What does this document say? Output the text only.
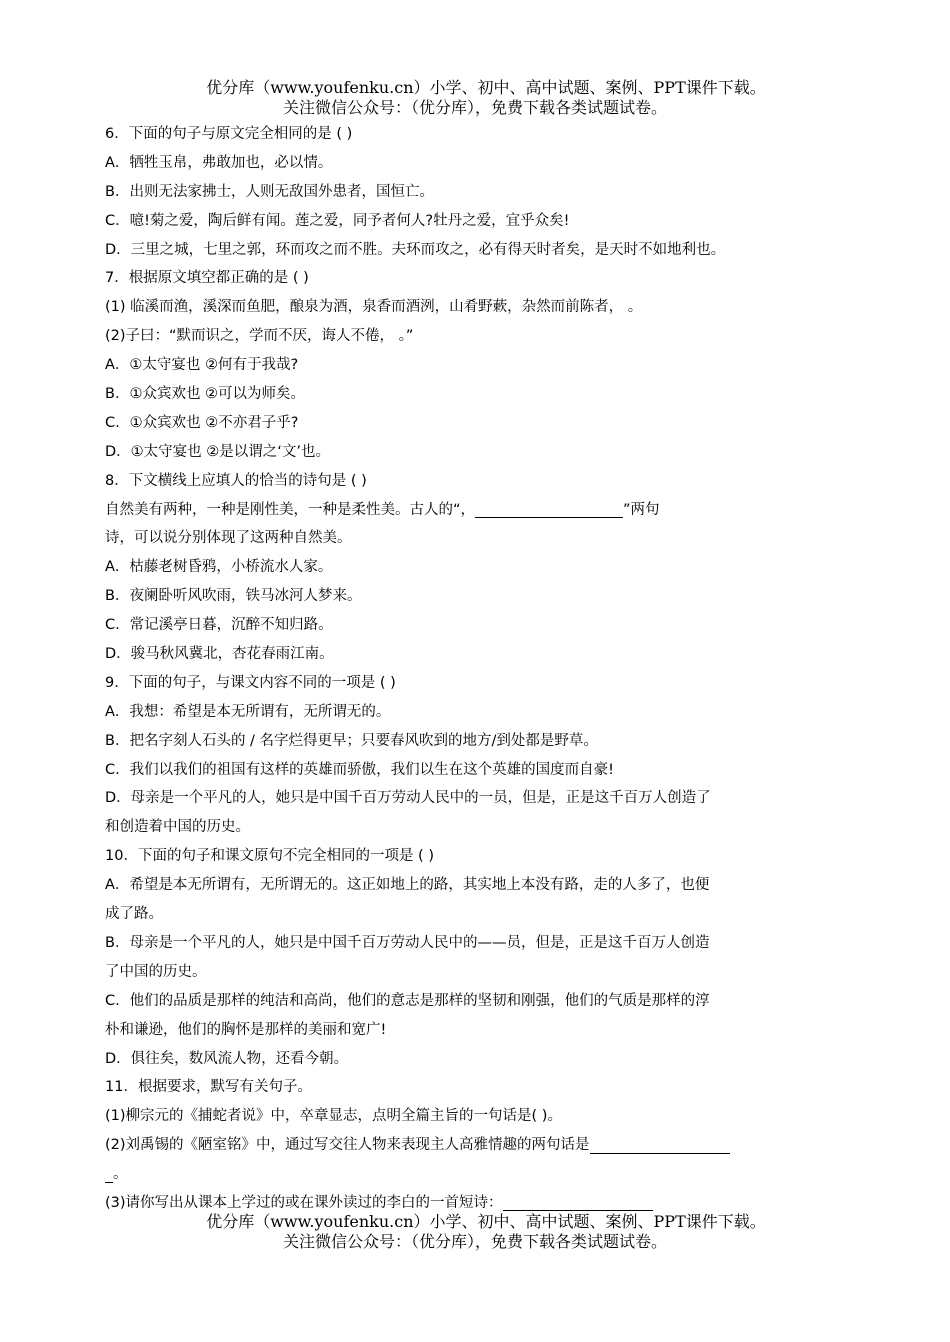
优分库（www.youfenku.cn）小学、初中、高中试题、案例、PPT课件下载。
关注微信公众号：（优分库），免费下载各类试题试卷。
6．下面的句子与原文完全相同的是 ( )
A．牺牲玉帛，弗敢加也，必以情。
B．出则无法家拂士，人则无敌国外患者，国恒亡。
C．噫!菊之爱，陶后鲜有闻。莲之爱，同予者何人?牡丹之爱，宜乎众矣!
D．三里之城，七里之郭，环而攻之而不胜。夫环而攻之，必有得天时者矣，是天时不如地利也。
7．根据原文填空都正确的是 ( )
(1) 临溪而渔，溪深而鱼肥，酿泉为酒，泉香而酒洌，山肴野蔌，杂然而前陈者， 。
(2)子曰：“默而识之，学而不厌，诲人不倦， 。”
A．①太守宴也 ②何有于我哉?
B．①众宾欢也 ②可以为师矣。
C．①众宾欢也 ②不亦君子乎?
D．①太守宴也 ②是以谓之‘文’也。
8．下文横线上应填人的恰当的诗句是 ( )
自然美有两种，一种是刚性美，一种是柔性美。古人的“，	”两句
诗，可以说分别体现了这两种自然美。
A．枯藤老树昏鸦，小桥流水人家。
B．夜阑卧听风吹雨，铁马冰河人梦来。
C．常记溪亭日暮，沉醉不知归路。
D．骏马秋风冀北，杏花春雨江南。
9．下面的句子，与课文内容不同的一项是 ( )
A．我想：希望是本无所谓有，无所谓无的。
B．把名字刻人石头的 / 名字烂得更早；只要春风吹到的地方/到处都是野草。
C．我们以我们的祖国有这样的英雄而骄傲，我们以生在这个英雄的国度而自豪!
D．母亲是一个平凡的人，她只是中国千百万劳动人民中的一员，但是，正是这千百万人创造了
和创造着中国的历史。
10．下面的句子和课文原句不完全相同的一项是 ( )
A．希望是本无所谓有，无所谓无的。这正如地上的路，其实地上本没有路，走的人多了，也便
成了路。
B．母亲是一个平凡的人，她只是中国千百万劳动人民中的——员，但是，正是这千百万人创造
了中国的历史。
C．他们的品质是那样的纯洁和高尚，他们的意志是那样的坚韧和刚强，他们的气质是那样的淳
朴和谦逊，他们的胸怀是那样的美丽和宽广!
D．俱往矣，数风流人物，还看今朝。
11．根据要求，默写有关句子。
(1)柳宗元的《捕蛇者说》中，卒章显志，点明全篇主旨的一句话是( )。
(2)刘禹锡的《陋室铭》中，通过写交往人物来表现主人高雅情趣的两句话是
。
(3)请你写出从课本上学过的或在课外读过的李白的一首短诗：
优分库（www.youfenku.cn）小学、初中、高中试题、案例、PPT课件下载。
关注微信公众号：（优分库），免费下载各类试题试卷。
